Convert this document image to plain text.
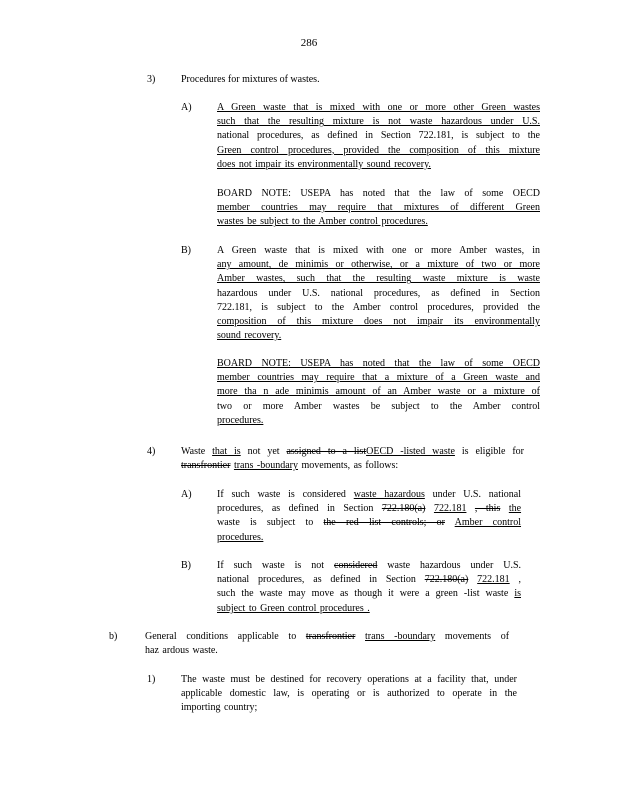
286
3)	Procedures for mixtures of wastes.
A)	A Green waste that is mixed with one or more other Green wastes
such that the resulting mixture is not waste hazardous under U.S.
national procedures, as defined in Section 722.181, is subject to the
Green control procedures, provided the composition of this mixture
does not impair its environmentally sound recovery.
BOARD NOTE: USEPA has noted that the law of some OECD
member countries may require that mixtures of different Green
wastes be subject to the Amber control procedures.
B)	A Green waste that is mixed with one or more Amber wastes, in
any amount, de minimis or otherwise, or a mixture of two or more
Amber wastes, such that the resulting waste mixture is waste
hazardous under U.S. national procedures, as defined in Section
722.181, is subject to the Amber control procedures, provided the
composition of this mixture does not impair its environmentally
sound recovery.
BOARD NOTE: USEPA has noted that the law of some OECD
member countries may require that a mixture of a Green waste and
more tha n ade minimis amount of an Amber waste or a mixture of
two or more Amber wastes be subject to the Amber control
procedures.
4)	Waste that is not yet assigned to a listOECD -listed waste is eligible for
transfrontier trans -boundary movements, as follows:
A)	If such waste is considered waste hazardous under U.S. national
procedures, as defined in Section 722.180(a) 722.181 , this the
waste is subject to the red list controls; or Amber control
procedures.
B)	If such waste is not considered waste hazardous under U.S.
national procedures, as defined in Section 722.180(a) 722.181 ,
such the waste may move as though it were a green -list waste is
subject to Green control procedures .
b)	General conditions applicable to transfrontier trans -boundary movements of
haz ardous waste.
1)	The waste must be destined for recovery operations at a facility that, under
applicable domestic law, is operating or is authorized to operate in the
importing country;
